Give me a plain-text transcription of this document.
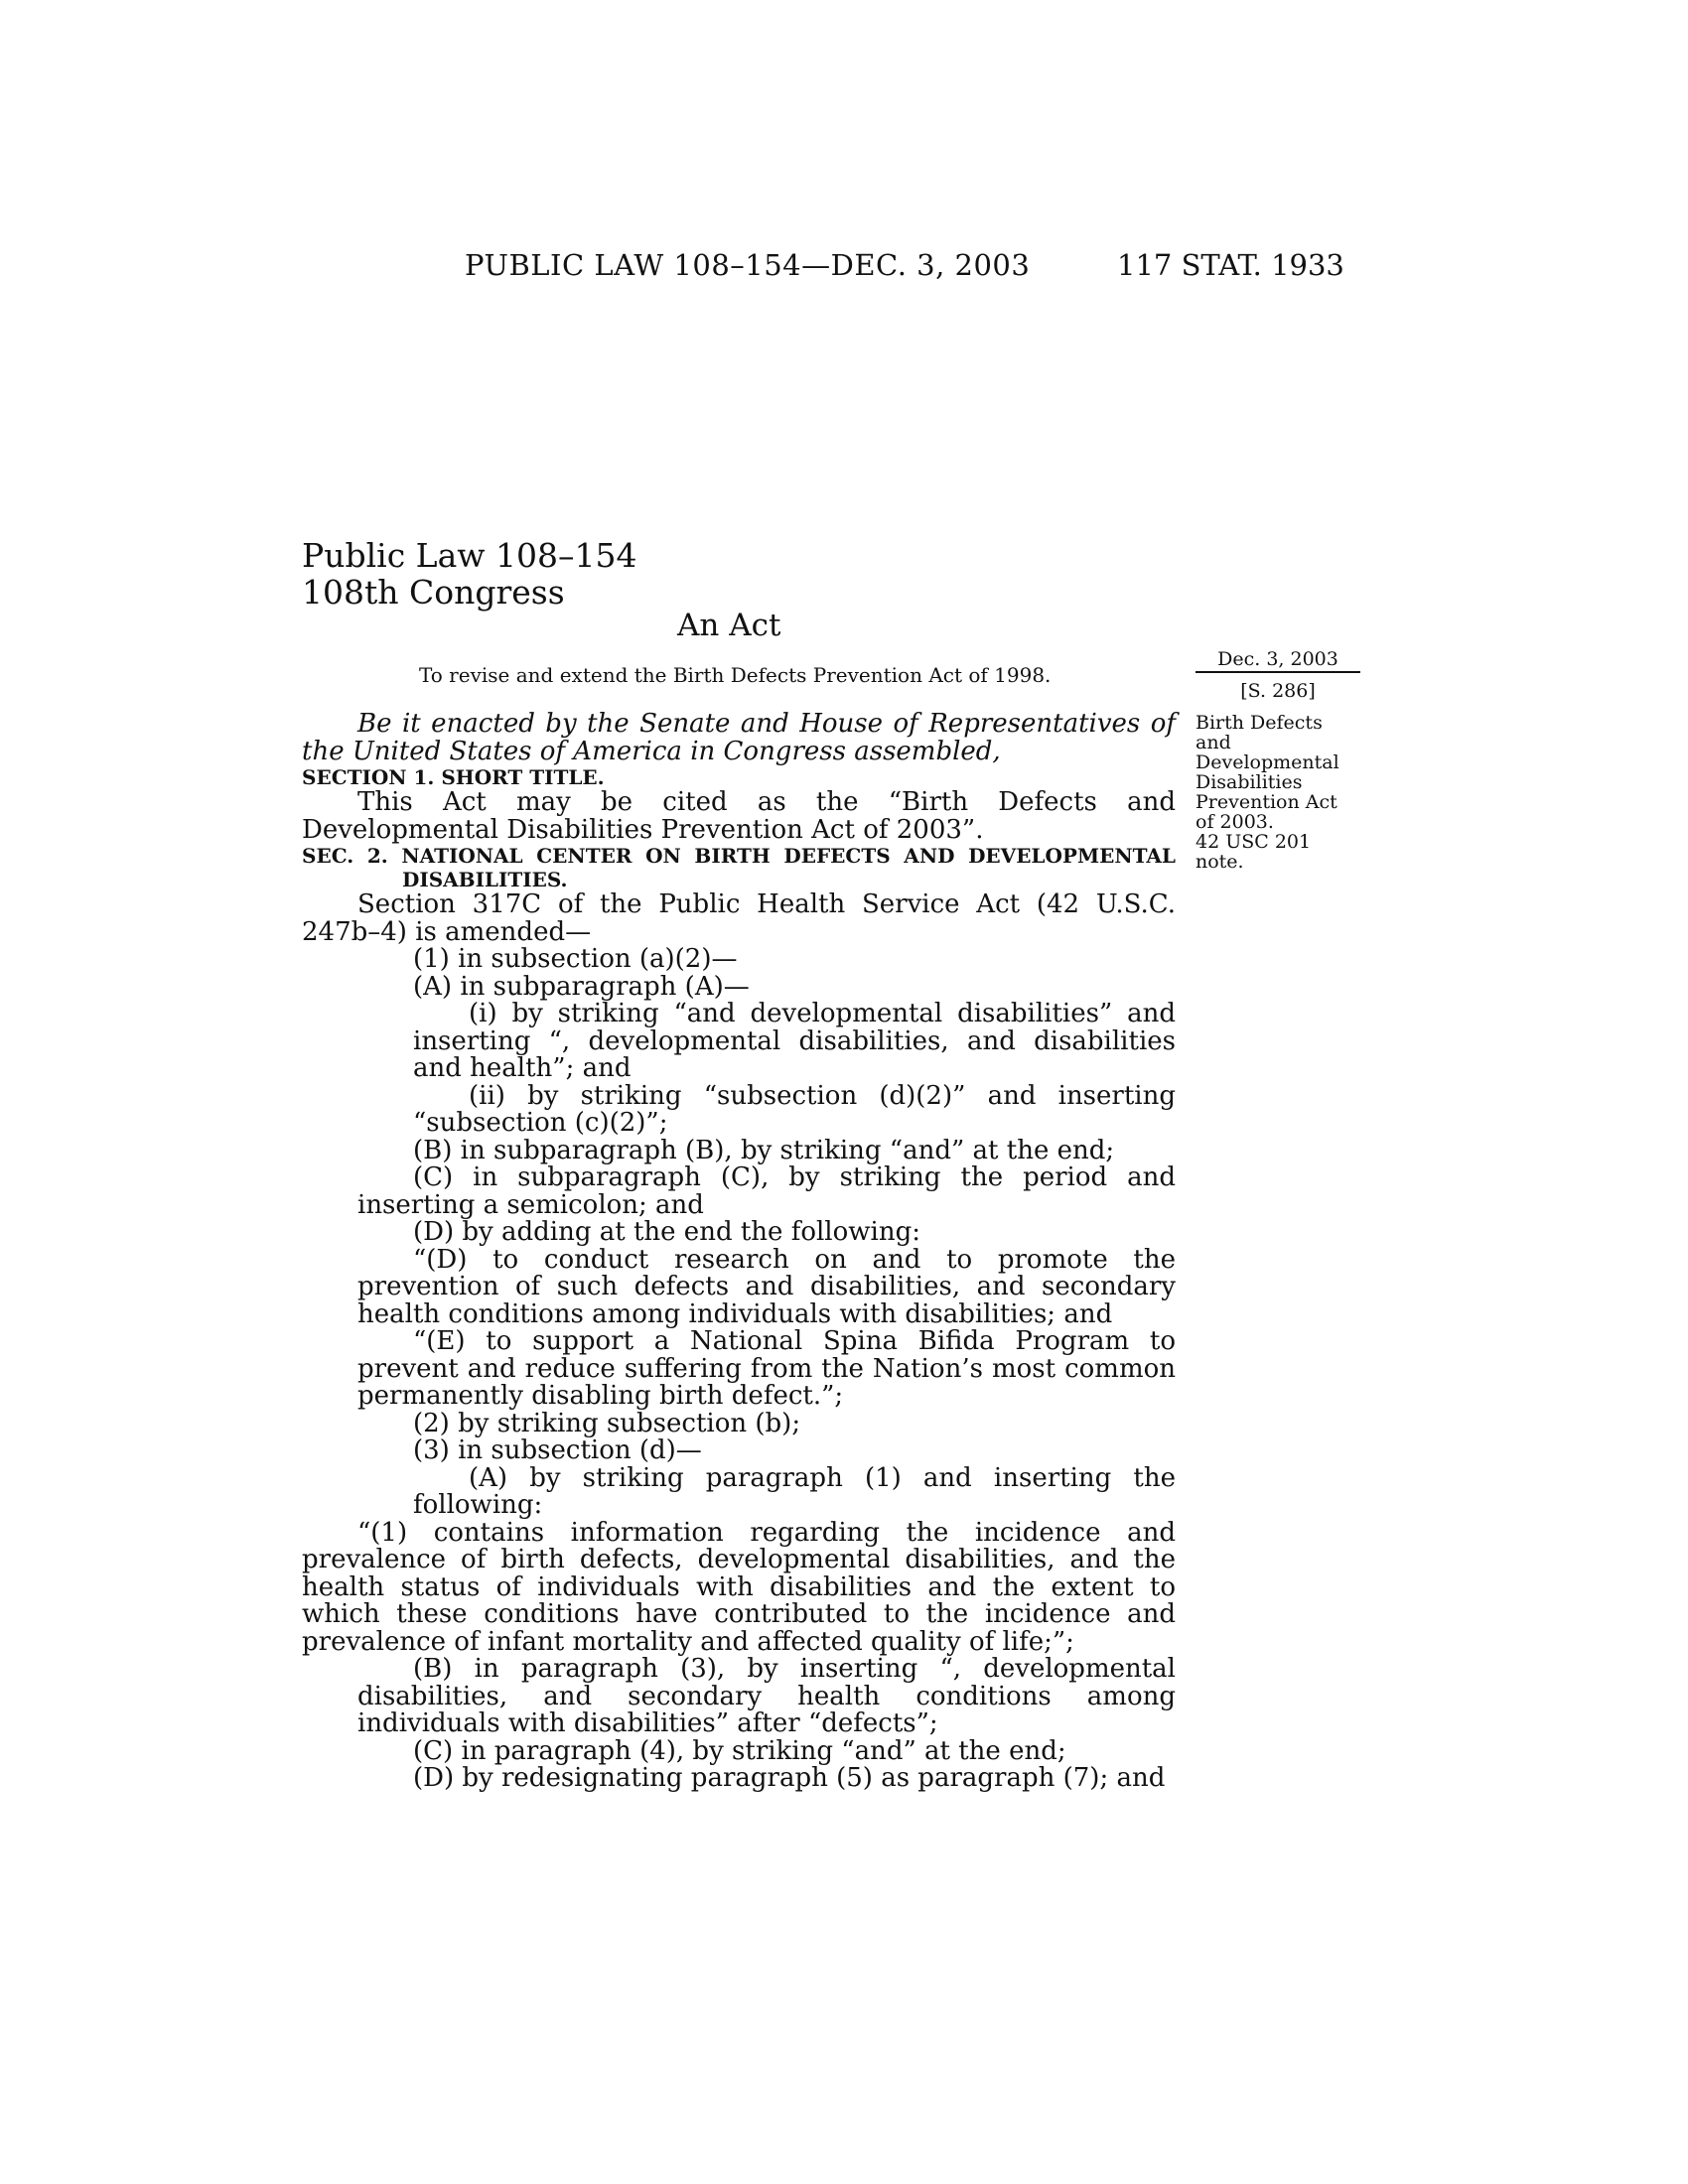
PUBLIC LAW 108–154—DEC. 3, 2003	117 STAT. 1933
Public Law 108–154
108th Congress
An Act
To revise and extend the Birth Defects Prevention Act of 1998.
Dec. 3, 2003
[S. 286]
Birth Defects and Developmental Disabilities Prevention Act of 2003.
42 USC 201 note.

Be it enacted by the Senate and House of Representatives of the United States of America in Congress assembled,

SECTION 1. SHORT TITLE.

This Act may be cited as the “Birth Defects and Developmental Disabilities Prevention Act of 2003”.

SEC. 2. NATIONAL CENTER ON BIRTH DEFECTS AND DEVELOPMENTAL DISABILITIES.

Section 317C of the Public Health Service Act (42 U.S.C. 247b–4) is amended—

(1) in subsection (a)(2)—

(A) in subparagraph (A)—

(i) by striking “and developmental disabilities” and inserting “, developmental disabilities, and disabilities and health”; and

(ii) by striking “subsection (d)(2)” and inserting “subsection (c)(2)”;

(B) in subparagraph (B), by striking “and” at the end;

(C) in subparagraph (C), by striking the period and inserting a semicolon; and

(D) by adding at the end the following:

“(D) to conduct research on and to promote the prevention of such defects and disabilities, and secondary health conditions among individuals with disabilities; and

“(E) to support a National Spina Bifida Program to prevent and reduce suffering from the Nation’s most common permanently disabling birth defect.”;

(2) by striking subsection (b);

(3) in subsection (d)—

(A) by striking paragraph (1) and inserting the following:

“(1) contains information regarding the incidence and prevalence of birth defects, developmental disabilities, and the health status of individuals with disabilities and the extent to which these conditions have contributed to the incidence and prevalence of infant mortality and affected quality of life;”;

(B) in paragraph (3), by inserting “, developmental disabilities, and secondary health conditions among individuals with disabilities” after “defects”;

(C) in paragraph (4), by striking “and” at the end;

(D) by redesignating paragraph (5) as paragraph (7); and
